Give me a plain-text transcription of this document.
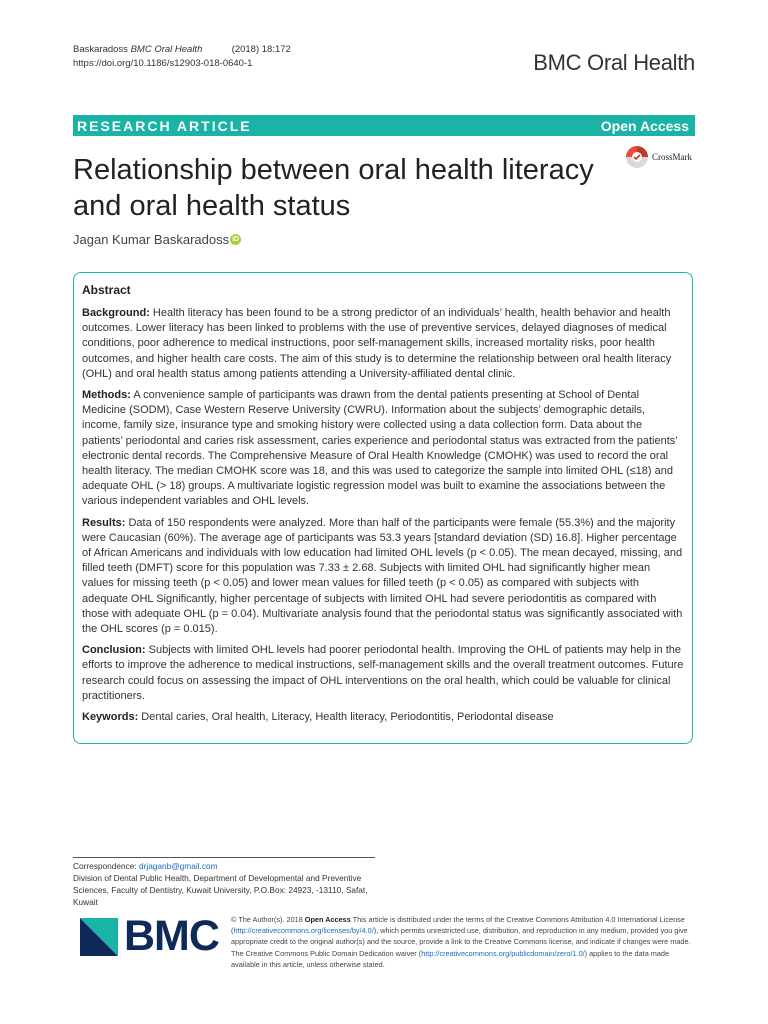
Baskaradoss BMC Oral Health	(2018) 18:172
https://doi.org/10.1186/s12903-018-0640-1	BMC Oral Health
RESEARCH ARTICLE	Open Access
CrossMark
Relationship between oral health literacy and oral health status
Jagan Kumar Baskaradoss iD
Abstract

Background: Health literacy has been found to be a strong predictor of an individuals’ health, health behavior and health outcomes. Lower literacy has been linked to problems with the use of preventive services, delayed diagnoses of medical conditions, poor adherence to medical instructions, poor self-management skills, increased mortality risks, poor health outcomes, and higher health care costs. The aim of this study is to determine the relationship between oral health literacy (OHL) and oral health status among patients attending a University-affiliated dental clinic.

Methods: A convenience sample of participants was drawn from the dental patients presenting at School of Dental Medicine (SODM), Case Western Reserve University (CWRU). Information about the subjects’ demographic details, income, family size, insurance type and smoking history were collected using a data collection form. Data about the patients’ periodontal and caries risk assessment, caries experience and periodontal status was extracted from the patients’ electronic dental records. The Comprehensive Measure of Oral Health Knowledge (CMOHK) was used to record the oral health literacy. The median CMOHK score was 18, and this was used to categorize the sample into limited OHL (≤18) and adequate OHL (> 18) groups. A multivariate logistic regression model was built to examine the associations between the various independent variables and OHL levels.

Results: Data of 150 respondents were analyzed. More than half of the participants were female (55.3%) and the majority were Caucasian (60%). The average age of participants was 53.3 years [standard deviation (SD) 16.8]. Higher percentage of African Americans and individuals with low education had limited OHL levels (p < 0.05). The mean decayed, missing, and filled teeth (DMFT) score for this population was 7.33 ± 2.68. Subjects with limited OHL had significantly higher mean values for missing teeth (p < 0.05) and lower mean values for filled teeth (p < 0.05) as compared with subjects with adequate OHL Significantly, higher percentage of subjects with limited OHL had severe periodontitis as compared with those with adequate OHL (p = 0.04). Multivariate analysis found that the periodontal status was significantly associated with the OHL scores (p = 0.015).

Conclusion: Subjects with limited OHL levels had poorer periodontal health. Improving the OHL of patients may help in the efforts to improve the adherence to medical instructions, self-management skills and the overall treatment outcomes. Future research could focus on assessing the impact of OHL interventions on the oral health, which could be valuable for clinical practitioners.

Keywords: Dental caries, Oral health, Literacy, Health literacy, Periodontitis, Periodontal disease

Correspondence: drjaganb@gmail.com
Division of Dental Public Health, Department of Developmental and Preventive Sciences, Faculty of Dentistry, Kuwait University, P.O.Box: 24923, -13110, Safat, Kuwait
BMC © The Author(s). 2018 Open Access This article is distributed under the terms of the Creative Commons Attribution 4.0 International License (http://creativecommons.org/licenses/by/4.0/), which permits unrestricted use, distribution, and reproduction in any medium, provided you give appropriate credit to the original author(s) and the source, provide a link to the Creative Commons license, and indicate if changes were made. The Creative Commons Public Domain Dedication waiver (http://creativecommons.org/publicdomain/zero/1.0/) applies to the data made available in this article, unless otherwise stated.
